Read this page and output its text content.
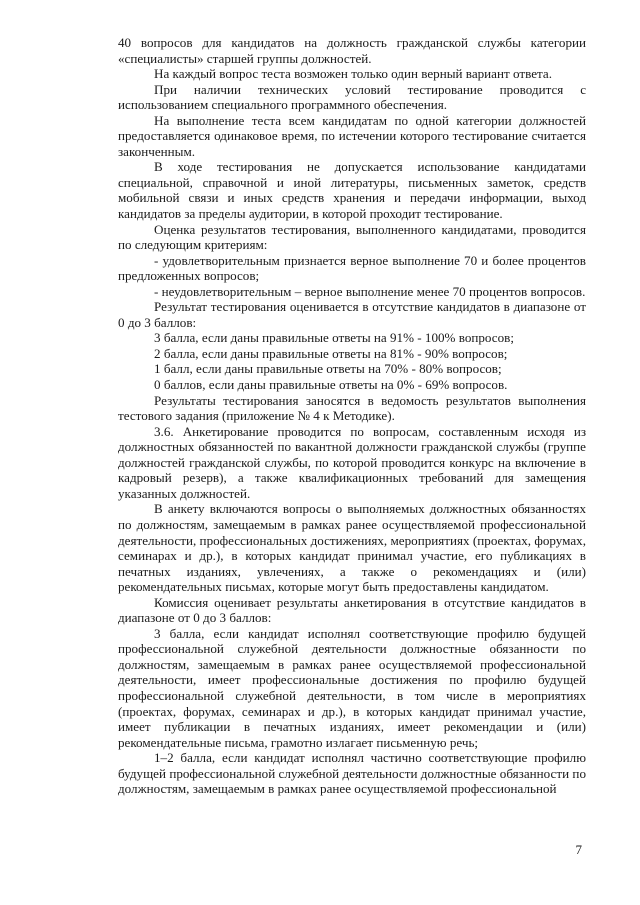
40 вопросов для кандидатов на должность гражданской службы категории «специалисты» старшей группы должностей.

На каждый вопрос теста возможен только один верный вариант ответа.

При наличии технических условий тестирование проводится с использованием специального программного обеспечения.

На выполнение теста всем кандидатам по одной категории должностей предоставляется одинаковое время, по истечении которого тестирование считается законченным.

В ходе тестирования не допускается использование кандидатами специальной, справочной и иной литературы, письменных заметок, средств мобильной связи и иных средств хранения и передачи информации, выход кандидатов за пределы аудитории, в которой проходит тестирование.

Оценка результатов тестирования, выполненного кандидатами, проводится по следующим критериям:

- удовлетворительным признается верное выполнение 70 и более процентов предложенных вопросов;

- неудовлетворительным – верное выполнение менее 70 процентов вопросов.

Результат тестирования оценивается в отсутствие кандидатов в диапазоне от 0 до 3 баллов:

3 балла, если даны правильные ответы на 91% - 100% вопросов;

2 балла, если даны правильные ответы на 81% - 90% вопросов;

1 балл, если даны правильные ответы на 70% - 80% вопросов;

0 баллов, если даны правильные ответы на 0% - 69% вопросов.

Результаты тестирования заносятся в ведомость результатов выполнения тестового задания (приложение № 4 к Методике).

3.6. Анкетирование проводится по вопросам, составленным исходя из должностных обязанностей по вакантной должности гражданской службы (группе должностей гражданской службы, по которой проводится конкурс на включение в кадровый резерв), а также квалификационных требований для замещения указанных должностей.

В анкету включаются вопросы о выполняемых должностных обязанностях по должностям, замещаемым в рамках ранее осуществляемой профессиональной деятельности, профессиональных достижениях, мероприятиях (проектах, форумах, семинарах и др.), в которых кандидат принимал участие, его публикациях в печатных изданиях, увлечениях, а также о рекомендациях и (или) рекомендательных письмах, которые могут быть предоставлены кандидатом.

Комиссия оценивает результаты анкетирования в отсутствие кандидатов в диапазоне от 0 до 3 баллов:

3 балла, если кандидат исполнял соответствующие профилю будущей профессиональной служебной деятельности должностные обязанности по должностям, замещаемым в рамках ранее осуществляемой профессиональной деятельности, имеет профессиональные достижения по профилю будущей профессиональной служебной деятельности, в том числе в мероприятиях (проектах, форумах, семинарах и др.), в которых кандидат принимал участие, имеет публикации в печатных изданиях, имеет рекомендации и (или) рекомендательные письма, грамотно излагает письменную речь;

1–2 балла, если кандидат исполнял частично соответствующие профилю будущей профессиональной служебной деятельности должностные обязанности по должностям, замещаемым в рамках ранее осуществляемой профессиональной

7
